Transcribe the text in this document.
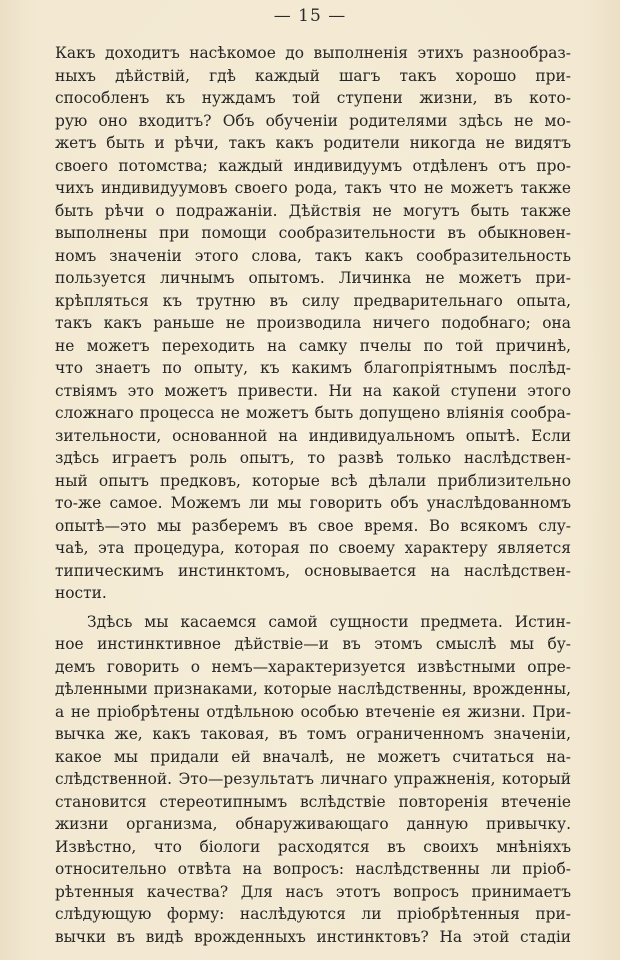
— 15 —

Какъ доходитъ насѣкомое до выполненія этихъ разнообраз-
ныхъ дѣйствій, гдѣ каждый шагъ такъ хорошо при-
способленъ къ нуждамъ той ступени жизни, въ кото-
рую оно входитъ? Объ обученіи родителями здѣсь не мо-
жетъ быть и рѣчи, такъ какъ родители никогда не видятъ
своего потомства; каждый индивидуумъ отдѣленъ отъ про-
чихъ индивидуумовъ своего рода, такъ что не можетъ также
быть рѣчи о подражаніи. Дѣйствія не могутъ быть также
выполнены при помощи сообразительности въ обыкновен-
номъ значеніи этого слова, такъ какъ сообразительность
пользуется личнымъ опытомъ. Личинка не можетъ при-
крѣпляться къ трутню въ силу предварительнаго опыта,
такъ какъ раньше не производила ничего подобнаго; она
не можетъ переходить на самку пчелы по той причинѣ,
что знаетъ по опыту, къ какимъ благопріятнымъ послѣд-
ствіямъ это можетъ привести. Ни на какой ступени этого
сложнаго процесса не можетъ быть допущено вліянія сообра-
зительности, основанной на индивидуальномъ опытѣ. Если
здѣсь играетъ роль опытъ, то развѣ только наслѣдствен-
ный опытъ предковъ, которые всѣ дѣлали приблизительно
то-же самое. Можемъ ли мы говорить объ унаслѣдованномъ
опытѣ—это мы разберемъ въ свое время. Во всякомъ слу-
чаѣ, эта процедура, которая по своему характеру является
типическимъ инстинктомъ, основывается на наслѣдствен-
ности.

Здѣсь мы касаемся самой сущности предмета. Истин-
ное инстинктивное дѣйствіе—и въ этомъ смыслѣ мы бу-
демъ говорить о немъ—характеризуется извѣстными опре-
дѣленными признаками, которые наслѣдственны, врожденны,
а не пріобрѣтены отдѣльною особью втеченіе ея жизни. При-
вычка же, какъ таковая, въ томъ ограниченномъ значеніи,
какое мы придали ей вначалѣ, не можетъ считаться на-
слѣдственной. Это—результатъ личнаго упражненія, который
становится стереотипнымъ вслѣдствіе повторенія втеченіе
жизни организма, обнаруживающаго данную привычку.
Извѣстно, что біологи расходятся въ своихъ мнѣніяхъ
относительно отвѣта на вопросъ: наслѣдственны ли пріоб-
рѣтенныя качества? Для насъ этотъ вопросъ принимаетъ
слѣдующую форму: наслѣдуются ли пріобрѣтенныя при-
вычки въ видѣ врожденныхъ инстинктовъ? На этой стадіи
